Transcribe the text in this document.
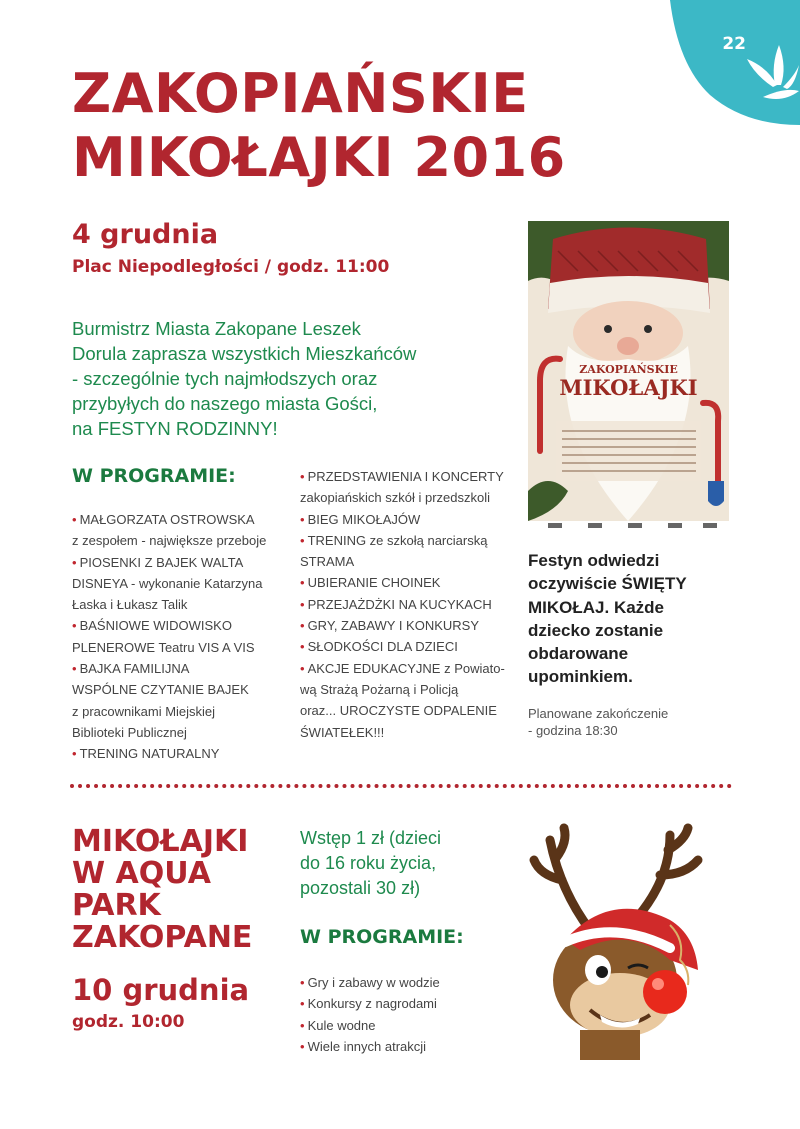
22
ZAKOPIAŃSKIE
MIKOŁAJKI 2016
4 grudnia
Plac Niepodległości / godz. 11:00
Burmistrz Miasta Zakopane Leszek
Dorula zaprasza wszystkich Mieszkańców
- szczególnie tych najmłodszych oraz
przybyłych do naszego miasta Gości,
na FESTYN RODZINNY!
W PROGRAMIE:
• MAŁGORZATA OSTROWSKA
z zespołem - największe przeboje
• PIOSENKI Z BAJEK WALTA
DISNEYA - wykonanie Katarzyna
Łaska i Łukasz Talik
• BAŚNIOWE WIDOWISKO
PLENEROWE Teatru VIS A VIS
• BAJKA FAMILIJNA
WSPÓLNE CZYTANIE BAJEK
z pracownikami Miejskiej
Biblioteki Publicznej
• TRENING NATURALNY
• PRZEDSTAWIENIA I KONCERTY
zakopiańskich szkół i przedszkoli
• BIEG MIKOŁAJÓW
• TRENING ze szkołą narciarską
STRAMA
• UBIERANIE CHOINEK
• PRZEJAŻDŻKI NA KUCYKACH
• GRY, ZABAWY I KONKURSY
• SŁODKOŚCI DLA DZIECI
• AKCJE EDUKACYJNE z Powiato-
wą Strażą Pożarną i Policją
oraz... UROCZYSTE ODPALENIE
ŚWIATEŁEK!!!
ZAKOPIAŃSKIE
MIKOŁAJKI
Festyn odwiedzi
oczywiście ŚWIĘTY
MIKOŁAJ. Każde
dziecko zostanie
obdarowane
upominkiem.
Planowane zakończenie
- godzina 18:30
MIKOŁAJKI
W AQUA
PARK
ZAKOPANE
10 grudnia
godz. 10:00
Wstęp 1 zł (dzieci
do 16 roku życia,
pozostali 30 zł)
W PROGRAMIE:
• Gry i zabawy w wodzie
• Konkursy z nagrodami
• Kule wodne
• Wiele innych atrakcji
